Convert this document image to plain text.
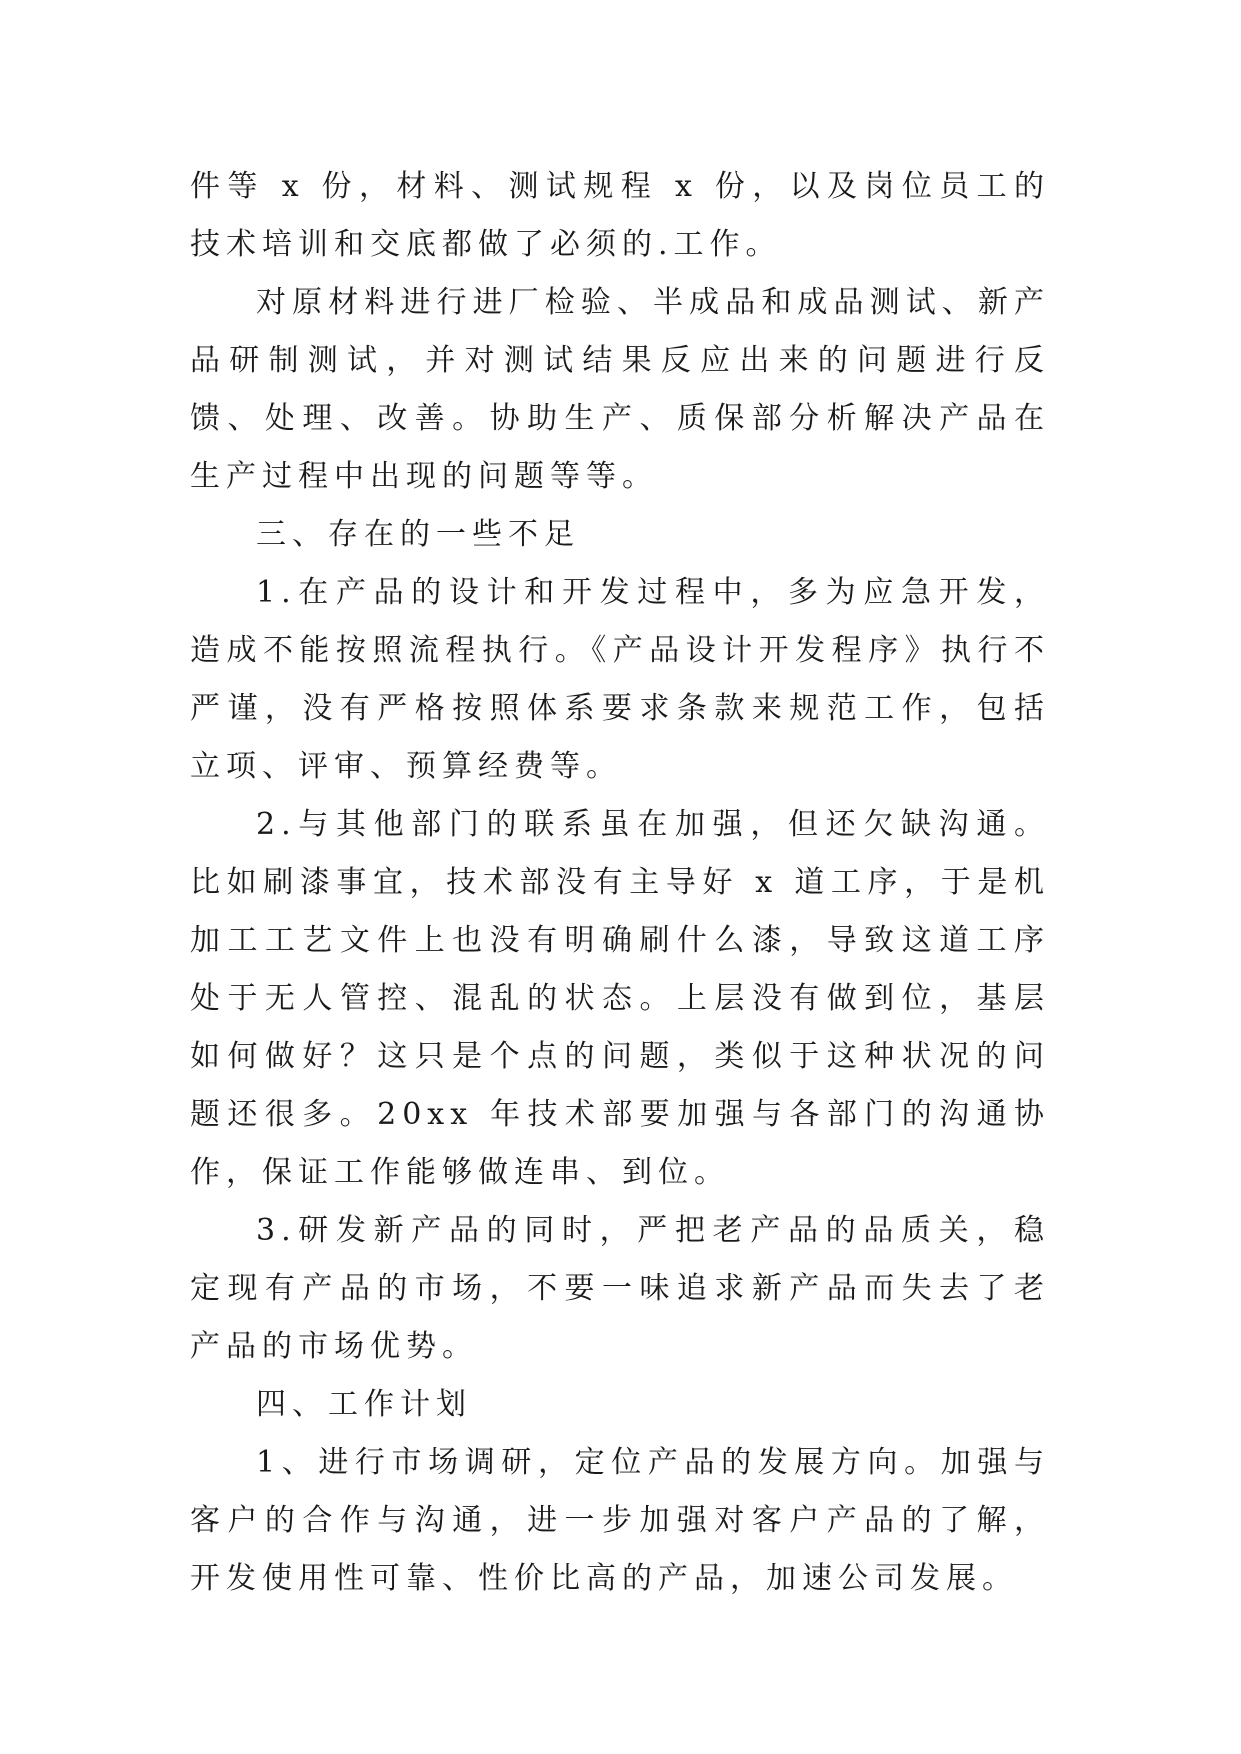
件等 x 份，材料、测试规程 x 份，以及岗位员工的技术培训和交底都做了必须的.工作。

对原材料进行进厂检验、半成品和成品测试、新产品研制测试，并对测试结果反应出来的问题进行反馈、处理、改善。协助生产、质保部分析解决产品在生产过程中出现的问题等等。

三、存在的一些不足

1.在产品的设计和开发过程中，多为应急开发，造成不能按照流程执行。《产品设计开发程序》执行不严谨，没有严格按照体系要求条款来规范工作，包括立项、评审、预算经费等。

2.与其他部门的联系虽在加强，但还欠缺沟通。比如刷漆事宜，技术部没有主导好 x 道工序，于是机加工工艺文件上也没有明确刷什么漆，导致这道工序处于无人管控、混乱的状态。上层没有做到位，基层如何做好？这只是个点的问题，类似于这种状况的问题还很多。20xx 年技术部要加强与各部门的沟通协作，保证工作能够做连串、到位。

3.研发新产品的同时，严把老产品的品质关，稳定现有产品的市场，不要一味追求新产品而失去了老产品的市场优势。

四、工作计划

1、进行市场调研，定位产品的发展方向。加强与客户的合作与沟通，进一步加强对客户产品的了解，开发使用性可靠、性价比高的产品，加速公司发展。
